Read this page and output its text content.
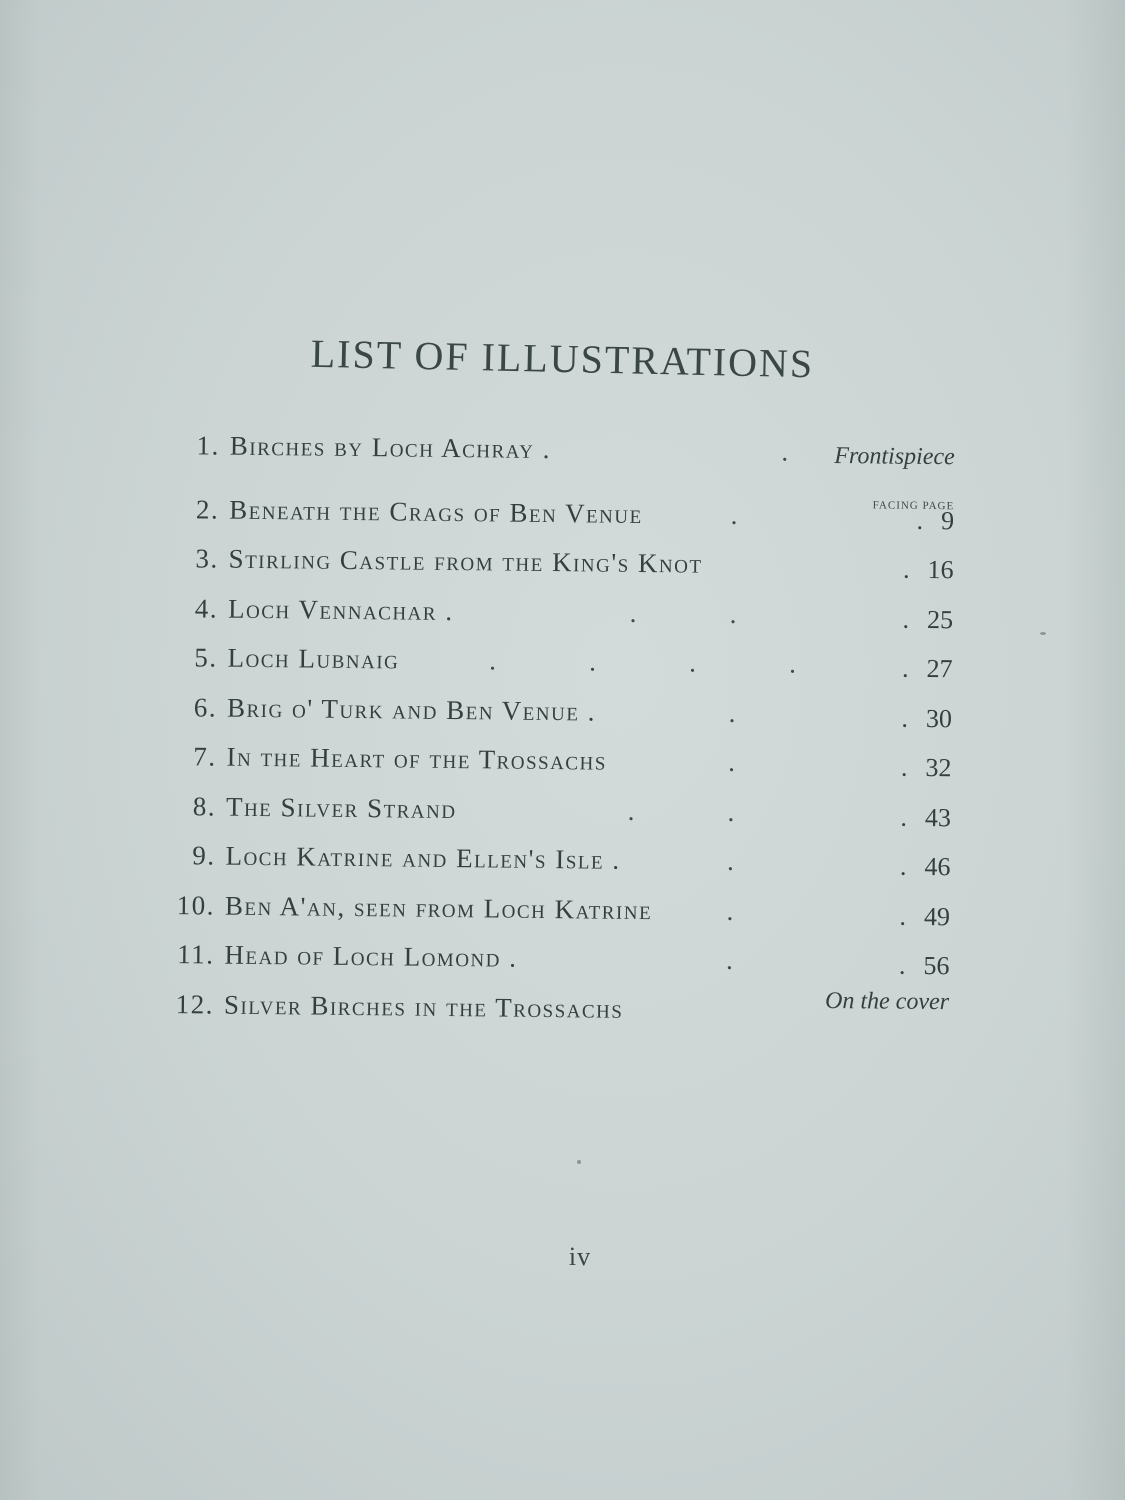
LIST OF ILLUSTRATIONS
FACING PAGE
1. Birches by Loch Achray .	.	Frontispiece
2. Beneath the Crags of Ben Venue	.	. 9
3. Stirling Castle from the King's Knot	. 16
4. Loch Vennachar .	.	.	. 25
5. Loch Lubnaig	.	.	.	.	. 27
6. Brig o' Turk and Ben Venue .	.	. 30
7. In the Heart of the Trossachs	.	. 32
8. The Silver Strand	.	.	. 43
9. Loch Katrine and Ellen's Isle .	.	. 46
10. Ben A'an, seen from Loch Katrine	.	. 49
11. Head of Loch Lomond .	.	. 56
12. Silver Birches in the Trossachs	On the cover
iv
